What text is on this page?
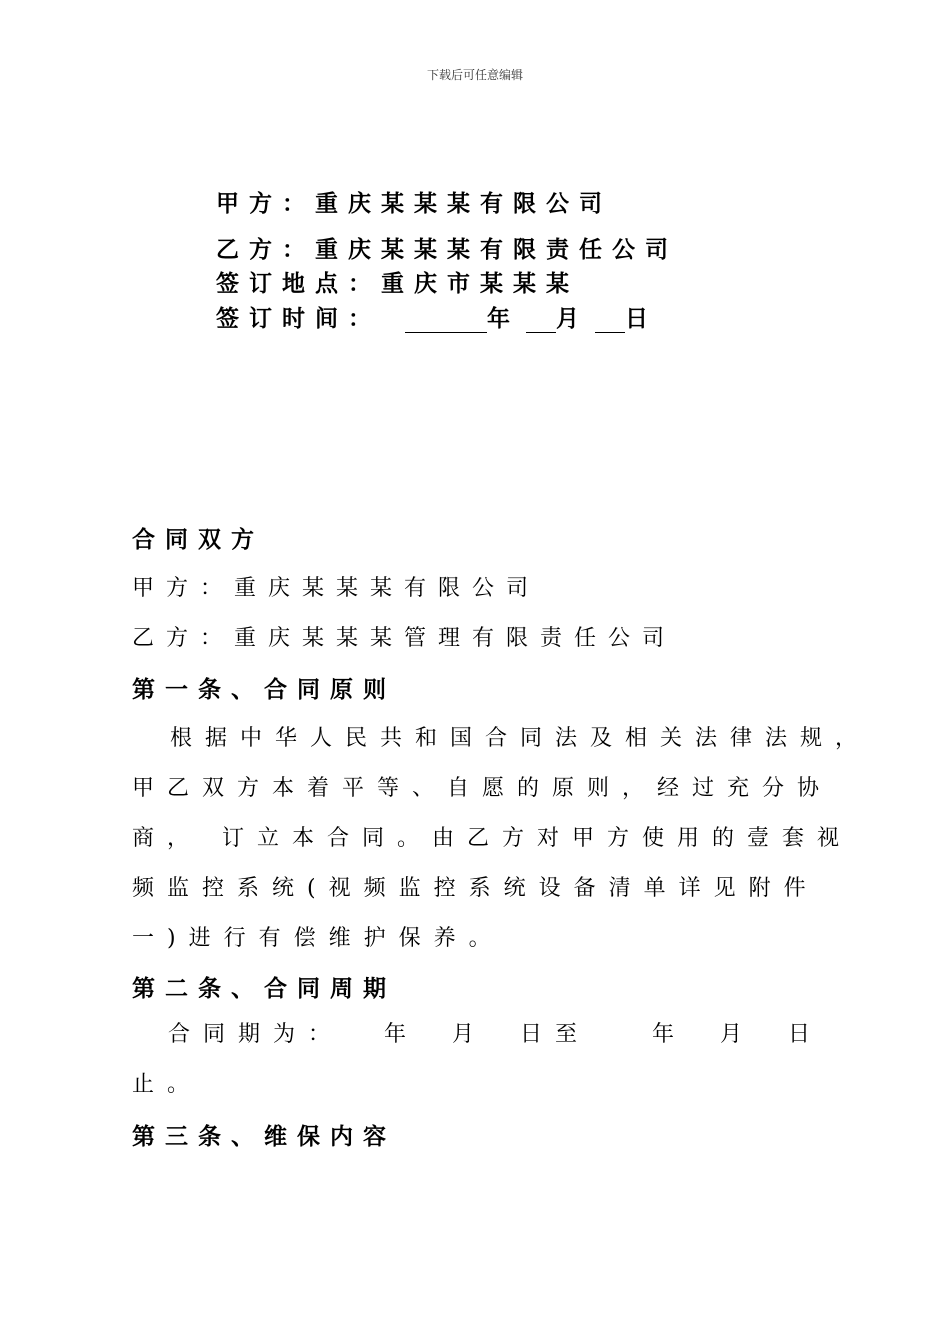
下载后可任意编辑
甲方：重庆某某某有限公司
乙方：重庆某某某有限责任公司
签订地点：重庆市某某某
签订时间：	年 月 日
合同双方
甲方：重庆某某某有限公司
乙方：重庆某某某管理有限责任公司
第一条、合同原则
根据中华人民共和国合同法及相关法律法规，
甲乙双方本着平等、自愿的原则，经过充分协
商， 订立本合同。由乙方对甲方使用的壹套视
频监控系统(视频监控系统设备清单详见附件
一)进行有偿维护保养。
第二条、合同周期
合同期为： 年 月 日至	年 月 日
止。
第三条、维保内容
